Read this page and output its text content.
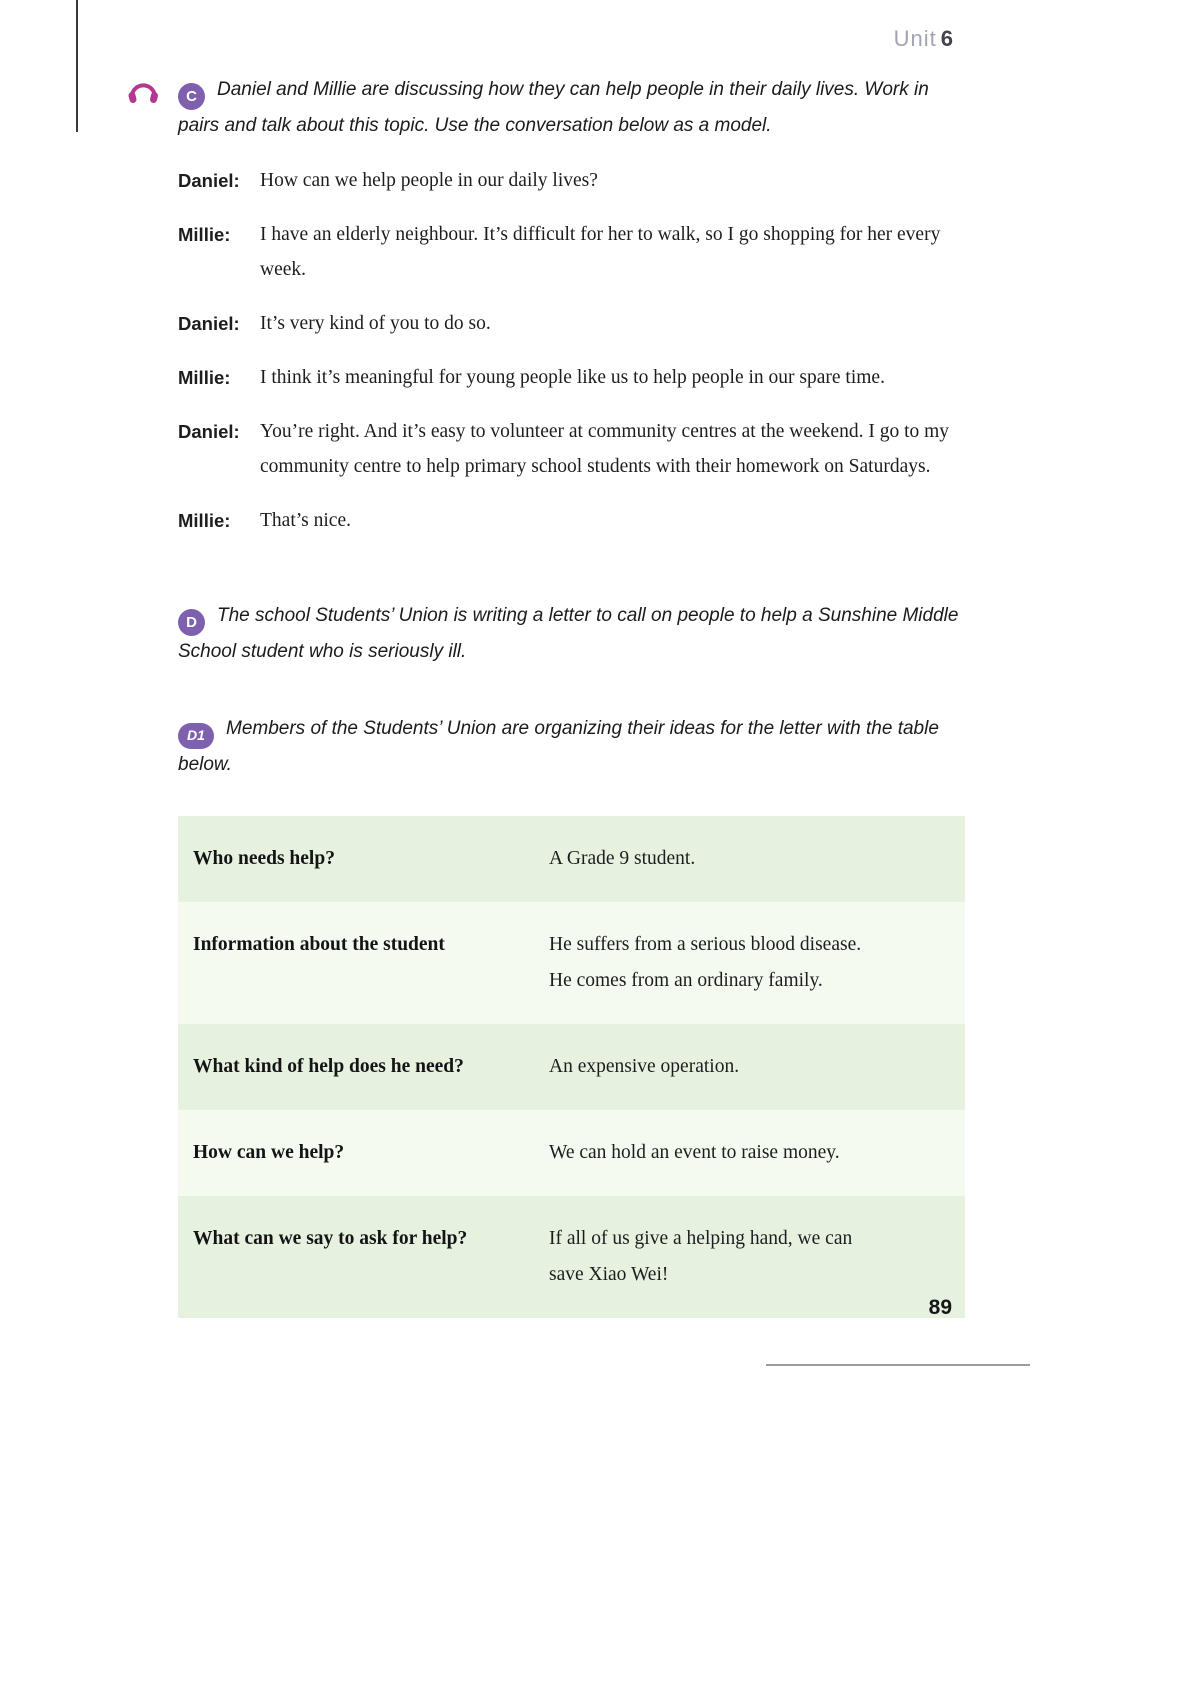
Unit 6
C Daniel and Millie are discussing how they can help people in their daily lives. Work in pairs and talk about this topic. Use the conversation below as a model.
Daniel:	How can we help people in our daily lives?
Millie:	I have an elderly neighbour. It’s difficult for her to walk, so I go shopping for her every week.
Daniel:	It’s very kind of you to do so.
Millie:	I think it’s meaningful for young people like us to help people in our spare time.
Daniel:	You’re right. And it’s easy to volunteer at community centres at the weekend. I go to my community centre to help primary school students with their homework on Saturdays.
Millie:	That’s nice.
D The school Students’ Union is writing a letter to call on people to help a Sunshine Middle School student who is seriously ill.
D1 Members of the Students’ Union are organizing their ideas for the letter with the table below.
Who needs help?	A Grade 9 student.
Information about the student	He suffers from a serious blood disease.
He comes from an ordinary family.
What kind of help does he need?	An expensive operation.
How can we help?	We can hold an event to raise money.
What can we say to ask for help?	If all of us give a helping hand, we can
save Xiao Wei!
89
